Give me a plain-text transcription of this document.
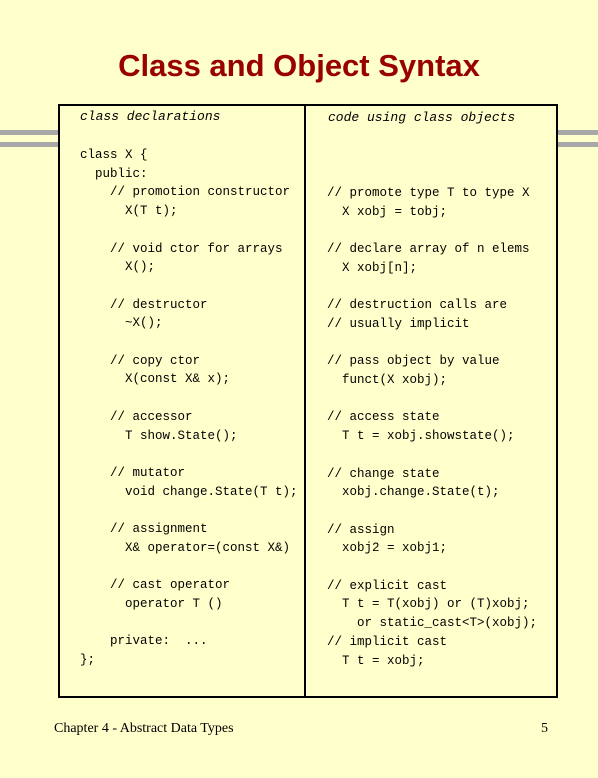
Class and Object Syntax
class declarations	code using class objects
class X {
public:
// promotion constructor
X(T t);

// void ctor for arrays
X();

// destructor
~X();

// copy ctor
X(const X& x);

// accessor
T show.State();

// mutator
void change.State(T t);

// assignment
X& operator=(const X&)

// cast operator
operator T ()

private:  ...
};
// promote type T to type X
X xobj = tobj;

// declare array of n elems
X xobj[n];

// destruction calls are
// usually implicit

// pass object by value
funct(X xobj);

// access state
T t = xobj.showstate();

// change state
xobj.change.State(t);

// assign
xobj2 = xobj1;

// explicit cast
T t = T(xobj) or (T)xobj;
or static_cast<T>(xobj);
// implicit cast
T t = xobj;
Chapter 4 - Abstract Data Types	5
